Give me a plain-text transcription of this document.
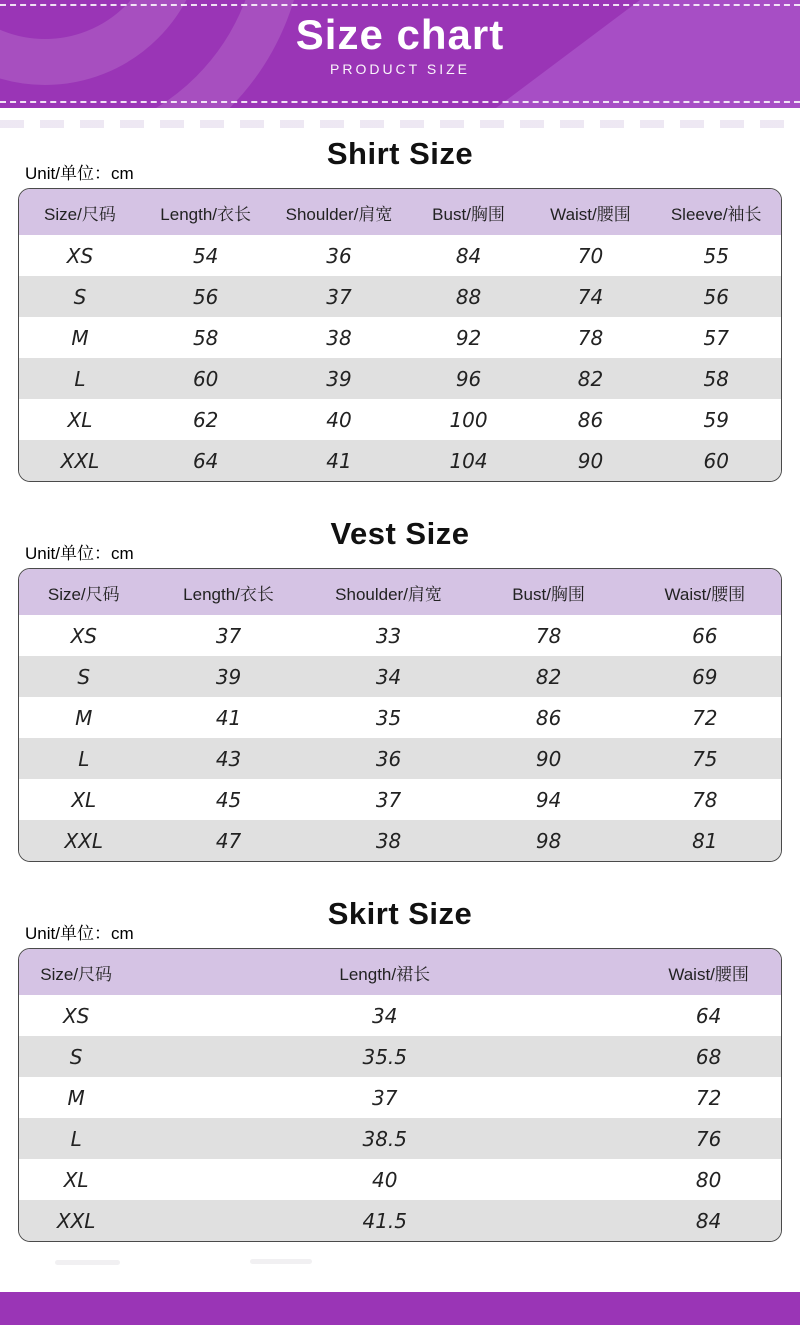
Size chart
PRODUCT SIZE
Shirt Size
Unit/单位：cm
Size/尺码	Length/衣长	Shoulder/肩宽	Bust/胸围	Waist/腰围	Sleeve/袖长
XS	54	36	84	70	55
S	56	37	88	74	56
M	58	38	92	78	57
L	60	39	96	82	58
XL	62	40	100	86	59
XXL	64	41	104	90	60
Vest Size
Unit/单位：cm
Size/尺码	Length/衣长	Shoulder/肩宽	Bust/胸围	Waist/腰围
XS	37	33	78	66
S	39	34	82	69
M	41	35	86	72
L	43	36	90	75
XL	45	37	94	78
XXL	47	38	98	81
Skirt Size
Unit/单位：cm
Size/尺码	Length/裙长	Waist/腰围
XS	34	64
S	35.5	68
M	37	72
L	38.5	76
XL	40	80
XXL	41.5	84
